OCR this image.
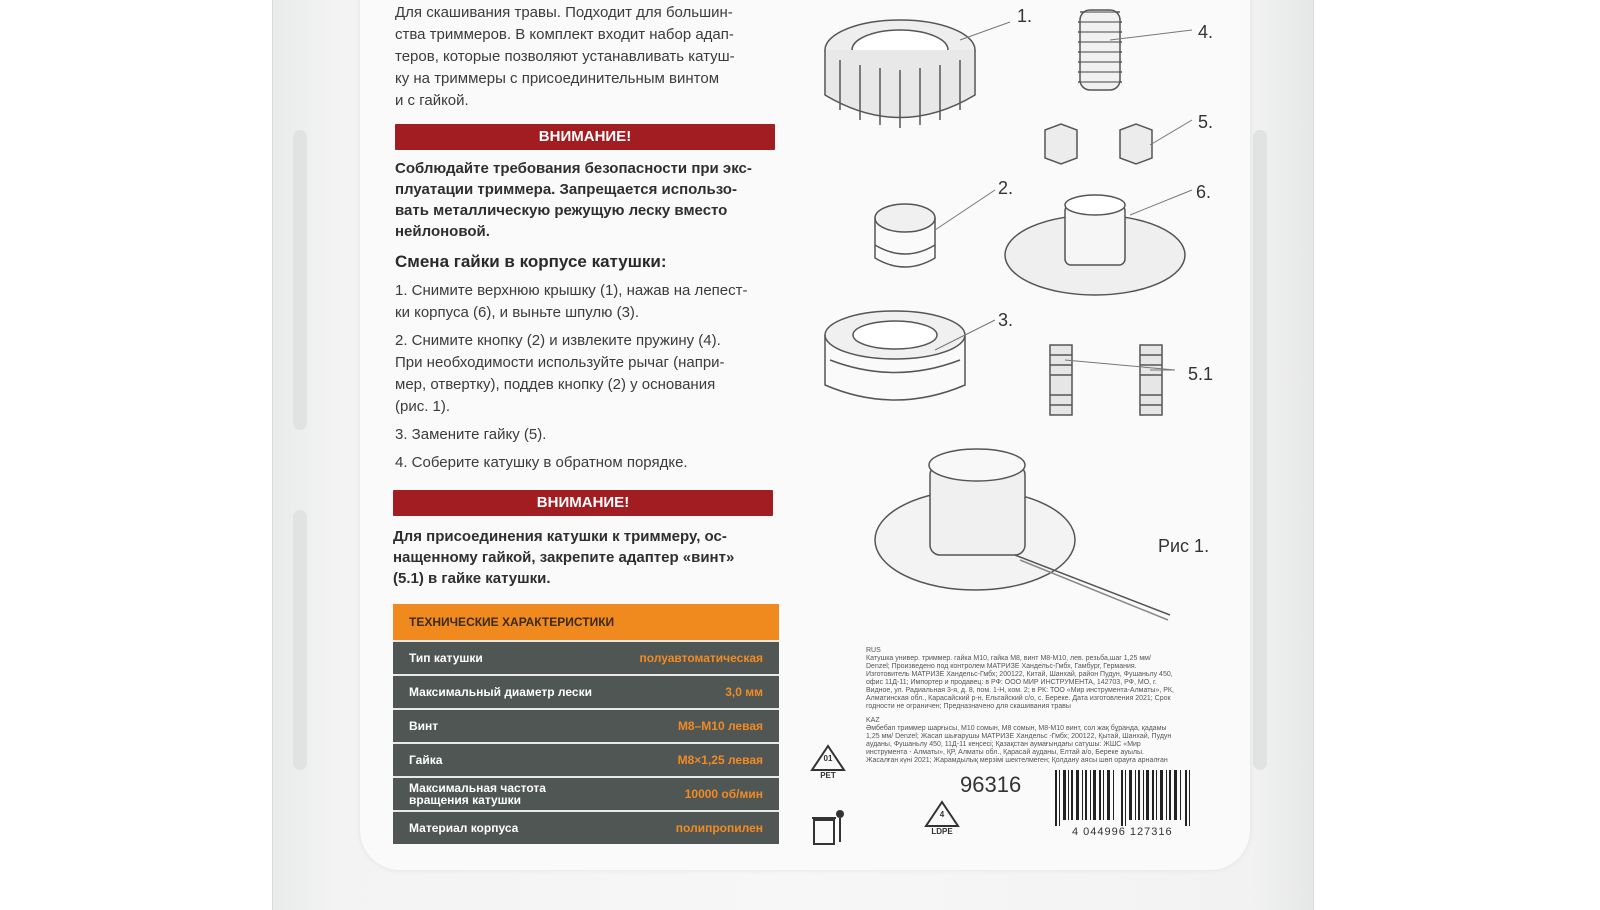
Для скашивания травы. Подходит для большин-

ства триммеров. В комплект входит набор адап-

теров, которые позволяют устанавливать катуш-

ку на триммеры с присоединительным винтом

и с гайкой.

ВНИМАНИЕ!

Соблюдайте требования безопасности при экс-

плуатации триммера. Запрещается использо-

вать металлическую режущую леску вместо

нейлоновой.

Смена гайки в корпусе катушки:

1. Снимите верхнюю крышку (1), нажав на лепест-

ки корпуса (6), и выньте шпулю (3).

2. Снимите кнопку (2) и извлеките пружину (4).

При необходимости используйте рычаг (напри-

мер, отвертку), поддев кнопку (2) у основания

(рис. 1).

3. Замените гайку (5).

4. Соберите катушку в обратном порядке.

ВНИМАНИЕ!

Для присоединения катушки к триммеру, ос-

нащенному гайкой, закрепите адаптер «винт»

(5.1) в гайке катушки.

ТЕХНИЧЕСКИЕ ХАРАКТЕРИСТИКИ
Тип катушки	полуавтоматическая
Максимальный диаметр лески	3,0 мм
Винт	М8–М10 левая
Гайка	М8×1,25 левая
Максимальная частота
вращения катушки	10000 об/мин
Материал корпуса	полипропилен
1.
4.
5.
2.	6.
3.
5.1
Рис 1.
RUS
Катушка универ. триммер. гайка М10, гайка М8, винт М8-М10, лев. резьба,шаг 1,25 мм/ Denzel; Произведено под контролем МАТРИЗЕ Хандельс-Гмбх, Гамбург, Германия. Изготовитель МАТРИЗЕ Хандельс-Гмбх; 200122, Китай, Шанхай, район Пудун, Фушаньлу 450, офис 11Д-11; Импортер и продавец: в РФ: ООО МИР ИНСТРУМЕНТА, 142703, РФ, МО, г. Видное, ул. Радиальная 3-я, д. 8, пом. 1-Н, ком. 2; в РК: ТОО «Мир инструмента-Алматы», РК, Алматинская обл., Карасайский р-н, Ельтайский с/о, с. Береке. Дата изготовления 2021; Срок годности не ограничен; Предназначено для скашивания травы
KAZ
Әмбебап триммер шарғысы, М10 сомын, М8 сомын, М8-М10 винт, сол жақ бұранда, қадамы 1,25 мм/ Denzel; Жасап шығарушы МАТРИЗЕ Хандельс -Гмбх; 200122, Қытай, Шанхай, Пудун ауданы, Фушаньлу 450, 11Д-11 кеңсесі; Қазақстан аумағындағы сатушы: ЖШС «Мир инструмента - Алматы», ҚР, Алматы обл., Қарасай ауданы, Елтай а/о, Береке ауылы. Жасалған күні 2021; Жарамдылық мерзімі шектелмеген; Қолдану аясы шөп орауға арналған
01
PET
4
LDPE
96316
4 044996 127316
